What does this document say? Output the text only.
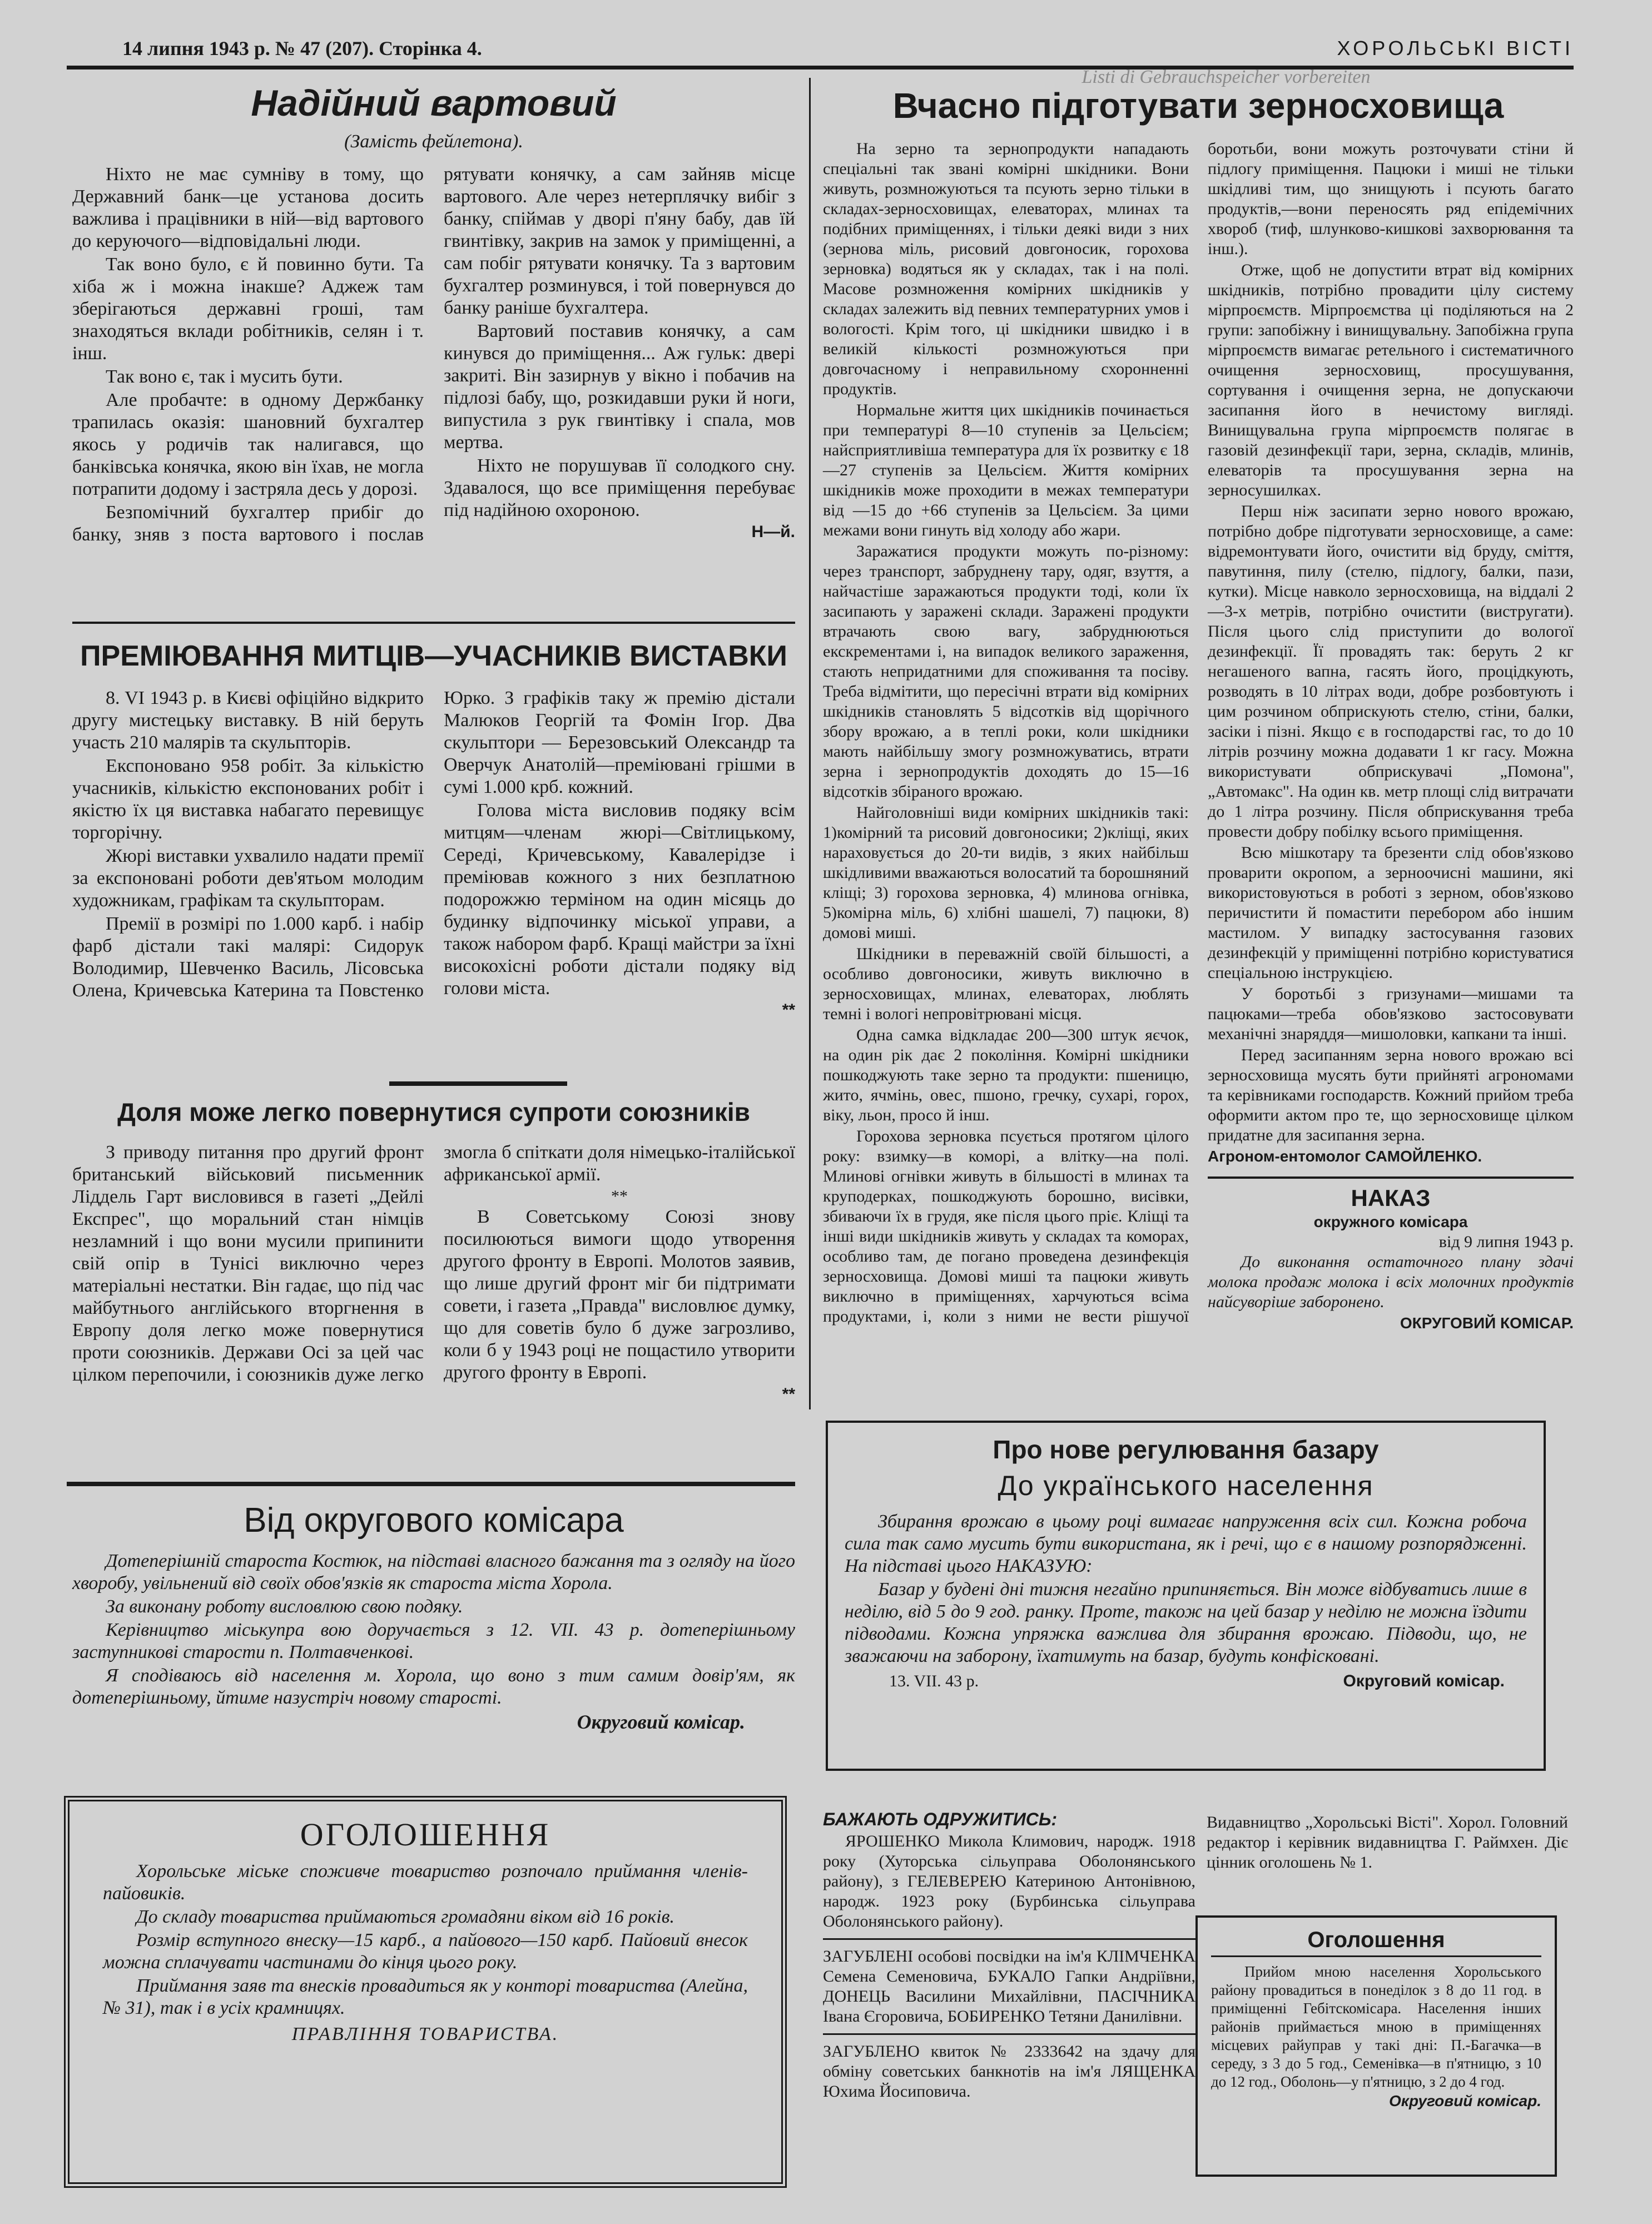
14 липня 1943 р. № 47 (207). Сторінка 4.	ХОРОЛЬСЬКІ ВІСТІ
Listi di Gebrauchspeicher vorbereiten
Надійний вартовий
(Замість фейлетона).

Ніхто не має сумніву в тому, що Державний банк—це установа досить важлива і працівники в ній—від вартового до керуючого—відповідальні люди.

Так воно було, є й повинно бути. Та хіба ж і можна інакше? Аджеж там зберігаються державні гроші, там знаходяться вклади робітників, селян і т. інш.

Так воно є, так і мусить бути.

Але пробачте: в одному Держбанку трапилась оказія: шановний бухгалтер якось у родичів так налигався, що банківська конячка, якою він їхав, не могла потрапити додому і застряла десь у дорозі.

Безпомічний бухгалтер прибіг до банку, зняв з поста вартового і послав рятувати конячку, а сам зайняв місце вартового. Але через нетерплячку вибіг з банку, спіймав у дворі п'яну бабу, дав їй гвинтівку, закрив на замок у приміщенні, а сам побіг рятувати конячку. Та з вартовим бухгалтер розминувся, і той повернувся до банку раніше бухгалтера.

Вартовий поставив конячку, а сам кинувся до приміщення... Аж гульк: двері закриті. Він зазирнув у вікно і побачив на підлозі бабу, що, розкидавши руки й ноги, випустила з рук гвинтівку і спала, мов мертва.

Ніхто не порушував її солодкого сну. Здавалося, що все приміщення перебуває під надійною охороною.

Н—й.
ПРЕМІЮВАННЯ МИТЦІВ—УЧАСНИКІВ ВИСТАВКИ

8. VI 1943 р. в Києві офіційно відкрито другу мистецьку виставку. В ній беруть участь 210 малярів та скульпторів.

Експоновано 958 робіт. За кількістю учасників, кількістю експонованих робіт і якістю їх ця виставка набагато перевищує торгорічну.

Жюрі виставки ухвалило надати премії за експоновані роботи дев'ятьом молодим художникам, графікам та скульпторам.

Премії в розмірі по 1.000 карб. і набір фарб дістали такі малярі: Сидорук Володимир, Шевченко Василь, Лісовська Олена, Кричевська Катерина та Повстенко Юрко. З графіків таку ж премію дістали Малюков Георгій та Фомін Ігор. Два скульптори — Березовський Олександр та Оверчук Анатолій—преміювані грішми в сумі 1.000 крб. кожний.

Голова міста висловив подяку всім митцям—членам жюрі—Світлицькому, Середі, Кричевському, Кавалерідзе і преміював кожного з них безплатною подорожжю терміном на один місяць до будинку відпочинку міської управи, а також набором фарб. Кращі майстри за їхні високохісні роботи дістали подяку від голови міста.

**
Доля може легко повернутися супроти союзників

З приводу питання про другий фронт британський військовий письменник Ліддель Гарт висловився в газеті „Дейлі Експрес", що моральний стан німців незламний і що вони мусили припинити свій опір в Тунісі виключно через матеріальні нестатки. Він гадає, що під час майбутнього англійського вторгнення в Европу доля легко може повернутися проти союзників. Держави Осі за цей час цілком перепочили, і союзників дуже легко змогла б спіткати доля німецько-італійської африканської армії.

**

В Советському Союзі знову посилюються вимоги щодо утворення другого фронту в Европі. Молотов заявив, що лише другий фронт міг би підтримати совети, і газета „Правда" висловлює думку, що для советів було б дуже загрозливо, коли б у 1943 році не пощастило утворити другого фронту в Европі.

**
Вчасно підготувати зерносховища

На зерно та зернопродукти нападають спеціальні так звані комірні шкідники. Вони живуть, розмножуються та псують зерно тільки в складах-зерносховищах, елеваторах, млинах та подібних приміщеннях, і тільки деякі види з них (зернова міль, рисовий довгоносик, горохова зерновка) водяться як у складах, так і на полі. Масове розмноження комірних шкідників у складах залежить від певних температурних умов і вологості. Крім того, ці шкідники швидко і в великій кількості розмножуються при довгочасному і неправильному схоронненні продуктів.

Нормальне життя цих шкідників починається при температурі 8—10 ступенів за Цельсієм; найсприятливіша температура для їх розвитку є 18—27 ступенів за Цельсієм. Життя комірних шкідників може проходити в межах температури від —15 до +66 ступенів за Цельсієм. За цими межами вони гинуть від холоду або жари.

Заражатися продукти можуть по-різному: через транспорт, забруднену тару, одяг, взуття, а найчастіше заражаються продукти тоді, коли їх засипають у заражені склади. Заражені продукти втрачають свою вагу, забруднюються екскрементами і, на випадок великого зараження, стають непридатними для споживання та посіву. Треба відмітити, що пересічні втрати від комірних шкідників становлять 5 відсотків від щорічного збору врожаю, а в теплі роки, коли шкідники мають найбільшу змогу розмножуватись, втрати зерна і зернопродуктів доходять до 15—16 відсотків збіраного врожаю.

Найголовніші види комірних шкідників такі: 1)комірний та рисовий довгоносики; 2)кліщі, яких нараховується до 20-ти видів, з яких найбільш шкідливими вважаються волосатий та борошняний кліщі; 3) горохова зерновка, 4) млинова огнівка, 5)комірна міль, 6) хлібні шашелі, 7) пацюки, 8) домові миші.

Шкідники в переважній своїй більшості, а особливо довгоносики, живуть виключно в зерносховищах, млинах, елеваторах, люблять темні і вологі непровітрювані місця.

Одна самка відкладає 200—300 штук яєчок, на один рік дає 2 покоління. Комірні шкідники пошкоджують таке зерно та продукти: пшеницю, жито, ячмінь, овес, пшоно, гречку, сухарі, горох, віку, льон, просо й інш.

Горохова зерновка псується протягом цілого року: взимку—в коморі, а влітку—на полі. Млинові огнівки живуть в більшості в млинах та круподерках, пошкоджують борошно, висівки, збиваючи їх в грудя, яке після цього пріє. Кліщі та інші види шкідників живуть у складах та коморах, особливо там, де погано проведена дезинфекція зерносховища. Домові миші та пацюки живуть виключно в приміщеннях, харчуються всіма продуктами, і, коли з ними не вести рішучої боротьби, вони можуть розточувати стіни й підлогу приміщення. Пацюки і миші не тільки шкідливі тим, що знищують і псують багато продуктів,—вони переносять ряд епідемічних хвороб (тиф, шлунково-кишкові захворювання та інш.).

Отже, щоб не допустити втрат від комірних шкідників, потрібно провадити цілу систему мірпроємств. Мірпроємства ці поділяються на 2 групи: запобіжну і винищувальну. Запобіжна група мірпроємств вимагає ретельного і систематичного очищення зерносховищ, просушування, сортування і очищення зерна, не допускаючи засипання його в нечистому вигляді. Винищувальна група мірпроємств полягає в газовій дезинфекції тари, зерна, складів, млинів, елеваторів та просушування зерна на зерносушилках.

Перш ніж засипати зерно нового врожаю, потрібно добре підготувати зерносховище, а саме: відремонтувати його, очистити від бруду, сміття, павутиння, пилу (стелю, підлогу, балки, пази, кутки). Місце навколо зерносховища, на віддалі 2—3-х метрів, потрібно очистити (вистругати). Після цього слід приступити до вологої дезинфекції. Її провадять так: беруть 2 кг негашеного вапна, гасять його, процідкують, розводять в 10 літрах води, добре розбовтують і цим розчином обприскують стелю, стіни, балки, засіки і пізні. Якщо є в господарстві гас, то до 10 літрів розчину можна додавати 1 кг гасу. Можна використувати обприскувачі „Помона", „Автомакс". На один кв. метр площі слід витрачати до 1 літра розчину. Після обприскування треба провести добру побілку всього приміщення.

Всю мішкотару та брезенти слід обов'язково проварити окропом, а зерноочисні машини, які використовуються в роботі з зерном, обов'язково перичистити й помастити перебором або іншим мастилом. У випадку застосування газових дезинфекцій у приміщенні потрібно користуватися спеціальною інструкцією.

У боротьбі з гризунами—мишами та пацюками—треба обов'язково застосовувати механічні знаряддя—мишоловки, капкани та інші.

Перед засипанням зерна нового врожаю всі зерносховища мусять бути прийняті агрономами та керівниками господарств. Кожний прийом треба оформити актом про те, що зерносховище цілком придатне для засипання зерна.

Агроном-ентомолог САМОЙЛЕНКО.
НАКАЗ
окружного комісара
від 9 липня 1943 р.

До виконання остаточного плану здачі молока продаж молока і всіх молочних продуктів найсуворіше заборонено.

ОКРУГОВИЙ КОМІСАР.
Про нове регулювання базару
До українського населення

Збирання врожаю в цьому році вимагає напруження всіх сил. Кожна робоча сила так само мусить бути використана, як і речі, що є в нашому розпорядженні. На підставі цього НАКАЗУЮ:

Базар у будені дні тижня негайно припиняється. Він може відбуватись лише в неділю, від 5 до 9 год. ранку. Проте, також на цей базар у неділю не можна їздити підводами. Кожна упряжка важлива для збирання врожаю. Підводи, що, не зважаючи на заборону, їхатимуть на базар, будуть конфісковані.

13. VII. 43 р.	Округовий комісар.
Від округового комісара

Дотеперішній староста Костюк, на підставі власного бажання та з огляду на його хворобу, увільнений від своїх обов'язків як староста міста Хорола.

За виконану роботу висловлюю свою подяку.

Керівництво міськупра вою доручається з 12. VII. 43 р. дотеперішньому заступникові старости п. Полтавченкові.

Я сподіваюсь від населення м. Хорола, що воно з тим самим довір'ям, як дотеперішньому, йтиме назустріч новому старості.

Округовий комісар.
ОГОЛОШЕННЯ

Хорольське міське споживче товариство розпочало приймання членів-пайовиків.

До складу товариства приймаються громадяни віком від 16 років.

Розмір вступного внеску—15 карб., а пайового—150 карб. Пайовий внесок можна сплачувати частинами до кінця цього року.

Приймання заяв та внесків провадиться як у конторі товариства (Алейна, № 31), так і в усіх крамницях.

ПРАВЛІННЯ ТОВАРИСТВА.
БАЖАЮТЬ ОДРУЖИТИСЬ:

ЯРОШЕНКО Микола Климович, народж. 1918 року (Хуторська сільуправа Оболонянського району), з ГЕЛЕВЕРЕЮ Катериною Антонівною, народж. 1923 року (Бурбинська сільуправа Оболонянського району).

ЗАГУБЛЕНІ особові посвідки на ім'я КЛІМЧЕНКА Семена Семеновича, БУКАЛО Гапки Андріївни, ДОНЕЦЬ Василини Михайлівни, ПАСІЧНИКА Івана Єгоровича, БОБИРЕНКО Тетяни Данилівни.

ЗАГУБЛЕНО квиток № 2333642 на здачу для обміну советських банкнотів на ім'я ЛЯЩЕНКА Юхима Йосиповича.

Видавництво „Хорольські Вісті". Хорол. Головний редактор і керівник видавництва Г. Раймхен. Діє цінник оголошень № 1.

Оголошення

Прийом мною населення Хорольського району провадиться в понеділок з 8 до 11 год. в приміщенні Гебітскомісара. Населення інших районів приймається мною в приміщеннях місцевих райуправ у такі дні: П.-Багачка—в середу, з 3 до 5 год., Семенівка—в п'ятницю, з 10 до 12 год., Оболонь—у п'ятницю, з 2 до 4 год.

Округовий комісар.
